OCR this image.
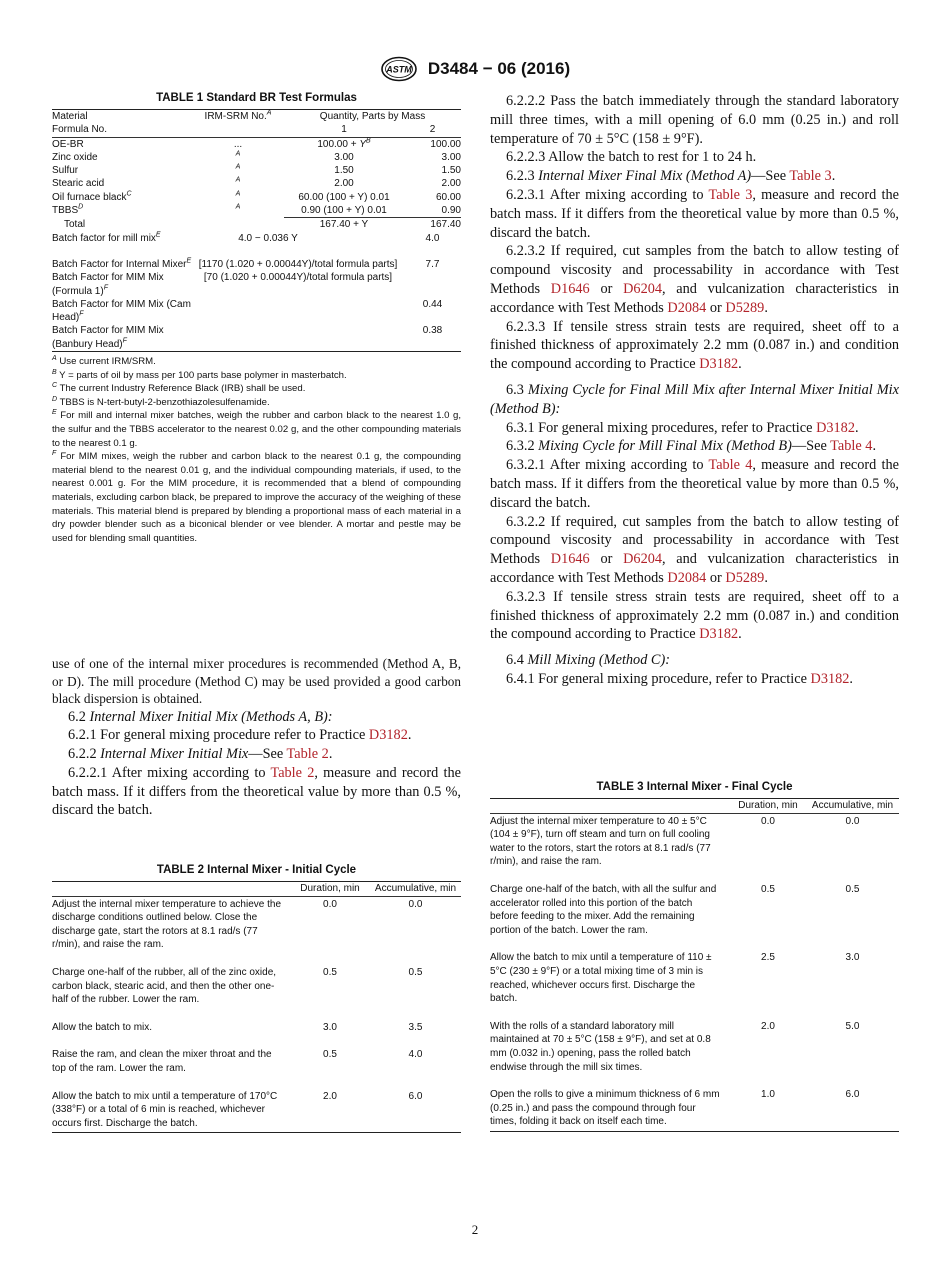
ASTM D3484 − 06 (2016)
TABLE 1 Standard BR Test Formulas
Material	IRM-SRM No.$^A$	Quantity, Parts by Mass	
Formula No.		1	2
OE-BR	...	$100.00 + Y^B$	100.00
Zinc oxide	$^A$	3.00	3.00
Sulfur	$^A$	1.50	1.50
Stearic acid	$^A$	2.00	2.00
Oil furnace black$^C$	$^A$	60.00 (100 + Y) 0.01	60.00
$TBBS^D$	$^A$	0.90 (100 + Y) 0.01	0.90
Total		167.40 + Y	167.40
Batch factor for mill mix$^E$	4.0 − 0.036 Y		4.0

Batch Factor for Internal Mixer$^E$	[1170 (1.020 + 0.00044Y)/total formula parts]		7.7
Batch Factor for MIM Mix (Formula 1)$^F$	[70 (1.020 + 0.00044Y)/total formula parts]		
Batch Factor for MIM Mix (Cam Head)$^F$			0.44
Batch Factor for MIM Mix (Banbury Head)$^F$			0.38

$^A$ Use current IRM/SRM.

$^B$ Y = parts of oil by mass per 100 parts base polymer in masterbatch.

$^C$ The current Industry Reference Black (IRB) shall be used.

$^D$ TBBS is N-tert-butyl-2-benzothiazolesulfenamide.

$^E$ For mill and internal mixer batches, weigh the rubber and carbon black to the nearest 1.0 g, the sulfur and the TBBS accelerator to the nearest 0.02 g, and the other compounding materials to the nearest 0.1 g.

$^F$ For MIM mixes, weigh the rubber and carbon black to the nearest 0.1 g, the compounding material blend to the nearest 0.01 g, and the individual compounding materials, if used, to the nearest 0.001 g. For the MIM procedure, it is recommended that a blend of compounding materials, excluding carbon black, be prepared to improve the accuracy of the weighing of these materials. This material blend is prepared by blending a proportional mass of each material in a dry powder blender such as a biconical blender or vee blender. A mortar and pestle may be used for blending small quantities.

use of one of the internal mixer procedures is recommended (Method A, B, or D). The mill procedure (Method C) may be used provided a good carbon black dispersion is obtained.

6.2 Internal Mixer Initial Mix (Methods A, B):

6.2.1 For general mixing procedure refer to Practice D3182.

6.2.2 Internal Mixer Initial Mix—See Table 2.

6.2.2.1 After mixing according to Table 2, measure and record the batch mass. If it differs from the theoretical value by more than 0.5 %, discard the batch.

TABLE 2 Internal Mixer - Initial Cycle
	Duration, min	Accumulative, min
Adjust the internal mixer temperature to achieve the discharge conditions outlined below. Close the discharge gate, start the rotors at 8.1 rad/s (77 r/min), and raise the ram.	0.0	0.0
Charge one-half of the rubber, all of the zinc oxide, carbon black, stearic acid, and then the other one-half of the rubber. Lower the ram.	0.5	0.5
Allow the batch to mix.	3.0	3.5
Raise the ram, and clean the mixer throat and the top of the ram. Lower the ram.	0.5	4.0
Allow the batch to mix until a temperature of 170°C (338°F) or a total of 6 min is reached, whichever occurs first. Discharge the batch.	2.0	6.0

6.2.2.2 Pass the batch immediately through the standard laboratory mill three times, with a mill opening of 6.0 mm (0.25 in.) and roll temperature of 70 ± 5°C (158 ± 9°F).

6.2.2.3 Allow the batch to rest for 1 to 24 h.

6.2.3 Internal Mixer Final Mix (Method A)—See Table 3.

6.2.3.1 After mixing according to Table 3, measure and record the batch mass. If it differs from the theoretical value by more than 0.5 %, discard the batch.

6.2.3.2 If required, cut samples from the batch to allow testing of compound viscosity and processability in accordance with Test Methods D1646 or D6204, and vulcanization characteristics in accordance with Test Methods D2084 or D5289.

6.2.3.3 If tensile stress strain tests are required, sheet off to a finished thickness of approximately 2.2 mm (0.087 in.) and condition the compound according to Practice D3182.

6.3 Mixing Cycle for Final Mill Mix after Internal Mixer Initial Mix (Method B):

6.3.1 For general mixing procedures, refer to Practice D3182.

6.3.2 Mixing Cycle for Mill Final Mix (Method B)—See Table 4.

6.3.2.1 After mixing according to Table 4, measure and record the batch mass. If it differs from the theoretical value by more than 0.5 %, discard the batch.

6.3.2.2 If required, cut samples from the batch to allow testing of compound viscosity and processability in accordance with Test Methods D1646 or D6204, and vulcanization characteristics in accordance with Test Methods D2084 or D5289.

6.3.2.3 If tensile stress strain tests are required, sheet off to a finished thickness of approximately 2.2 mm (0.087 in.) and condition the compound according to Practice D3182.

6.4 Mill Mixing (Method C):

6.4.1 For general mixing procedure, refer to Practice D3182.

TABLE 3 Internal Mixer - Final Cycle
	Duration, min	Accumulative, min
Adjust the internal mixer temperature to 40 ± 5°C (104 ± 9°F), turn off steam and turn on full cooling water to the rotors, start the rotors at 8.1 rad/s (77 r/min), and raise the ram.	0.0	0.0
Charge one-half of the batch, with all the sulfur and accelerator rolled into this portion of the batch before feeding to the mixer. Add the remaining portion of the batch. Lower the ram.	0.5	0.5
Allow the batch to mix until a temperature of 110 ± 5°C (230 ± 9°F) or a total mixing time of 3 min is reached, whichever occurs first. Discharge the batch.	2.5	3.0
With the rolls of a standard laboratory mill maintained at 70 ± 5°C (158 ± 9°F), and set at 0.8 mm (0.032 in.) opening, pass the rolled batch endwise through the mill six times.	2.0	5.0
Open the rolls to give a minimum thickness of 6 mm (0.25 in.) and pass the compound through four times, folding it back on itself each time.	1.0	6.0
2
